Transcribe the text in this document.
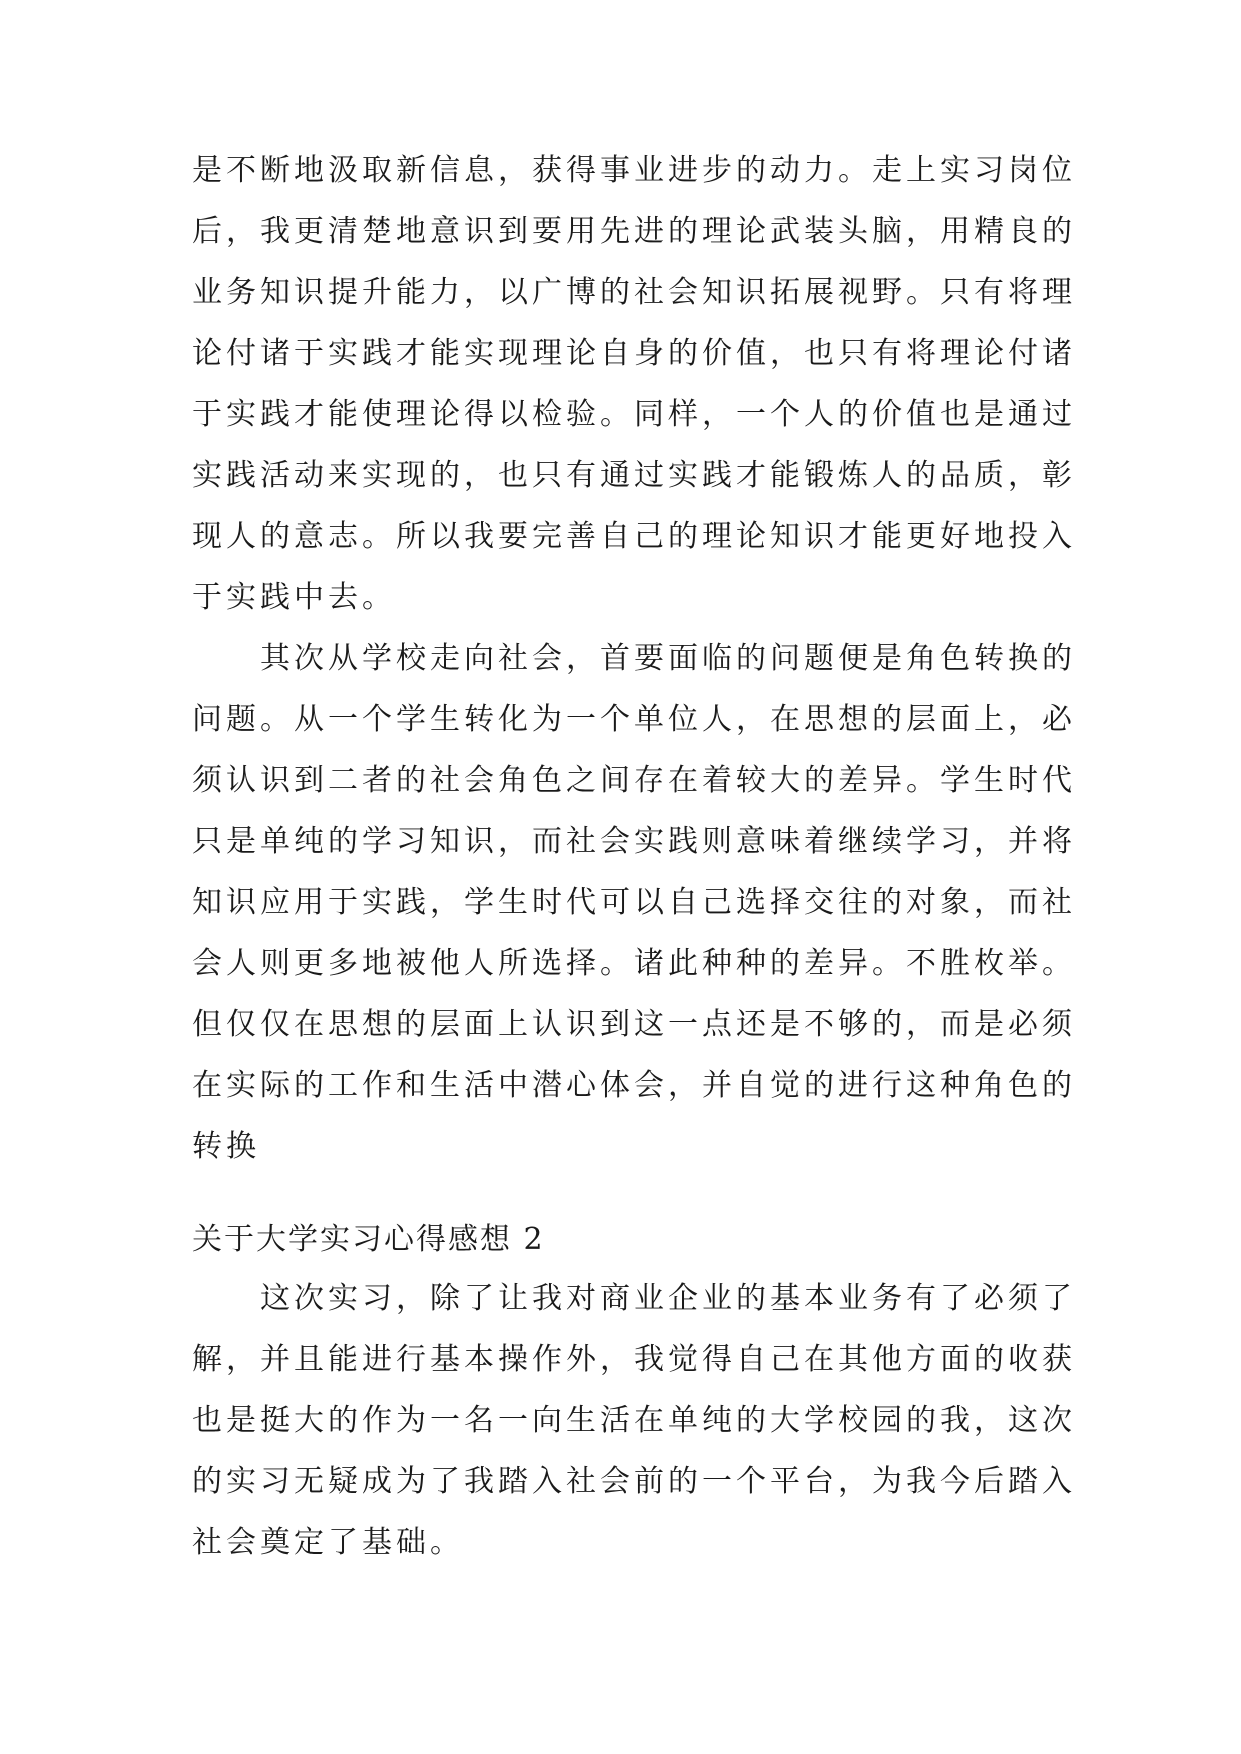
是不断地汲取新信息，获得事业进步的动力。走上实习岗位
后，我更清楚地意识到要用先进的理论武装头脑，用精良的
业务知识提升能力，以广博的社会知识拓展视野。只有将理
论付诸于实践才能实现理论自身的价值，也只有将理论付诸
于实践才能使理论得以检验。同样，一个人的价值也是通过
实践活动来实现的，也只有通过实践才能锻炼人的品质，彰
现人的意志。所以我要完善自己的理论知识才能更好地投入
于实践中去。
　　其次从学校走向社会，首要面临的问题便是角色转换的
问题。从一个学生转化为一个单位人，在思想的层面上，必
须认识到二者的社会角色之间存在着较大的差异。学生时代
只是单纯的学习知识，而社会实践则意味着继续学习，并将
知识应用于实践，学生时代可以自己选择交往的对象，而社
会人则更多地被他人所选择。诸此种种的差异。不胜枚举。
但仅仅在思想的层面上认识到这一点还是不够的，而是必须
在实际的工作和生活中潜心体会，并自觉的进行这种角色的
转换
关于大学实习心得感想 2
　　这次实习，除了让我对商业企业的基本业务有了必须了
解，并且能进行基本操作外，我觉得自己在其他方面的收获
也是挺大的作为一名一向生活在单纯的大学校园的我，这次
的实习无疑成为了我踏入社会前的一个平台，为我今后踏入
社会奠定了基础。
